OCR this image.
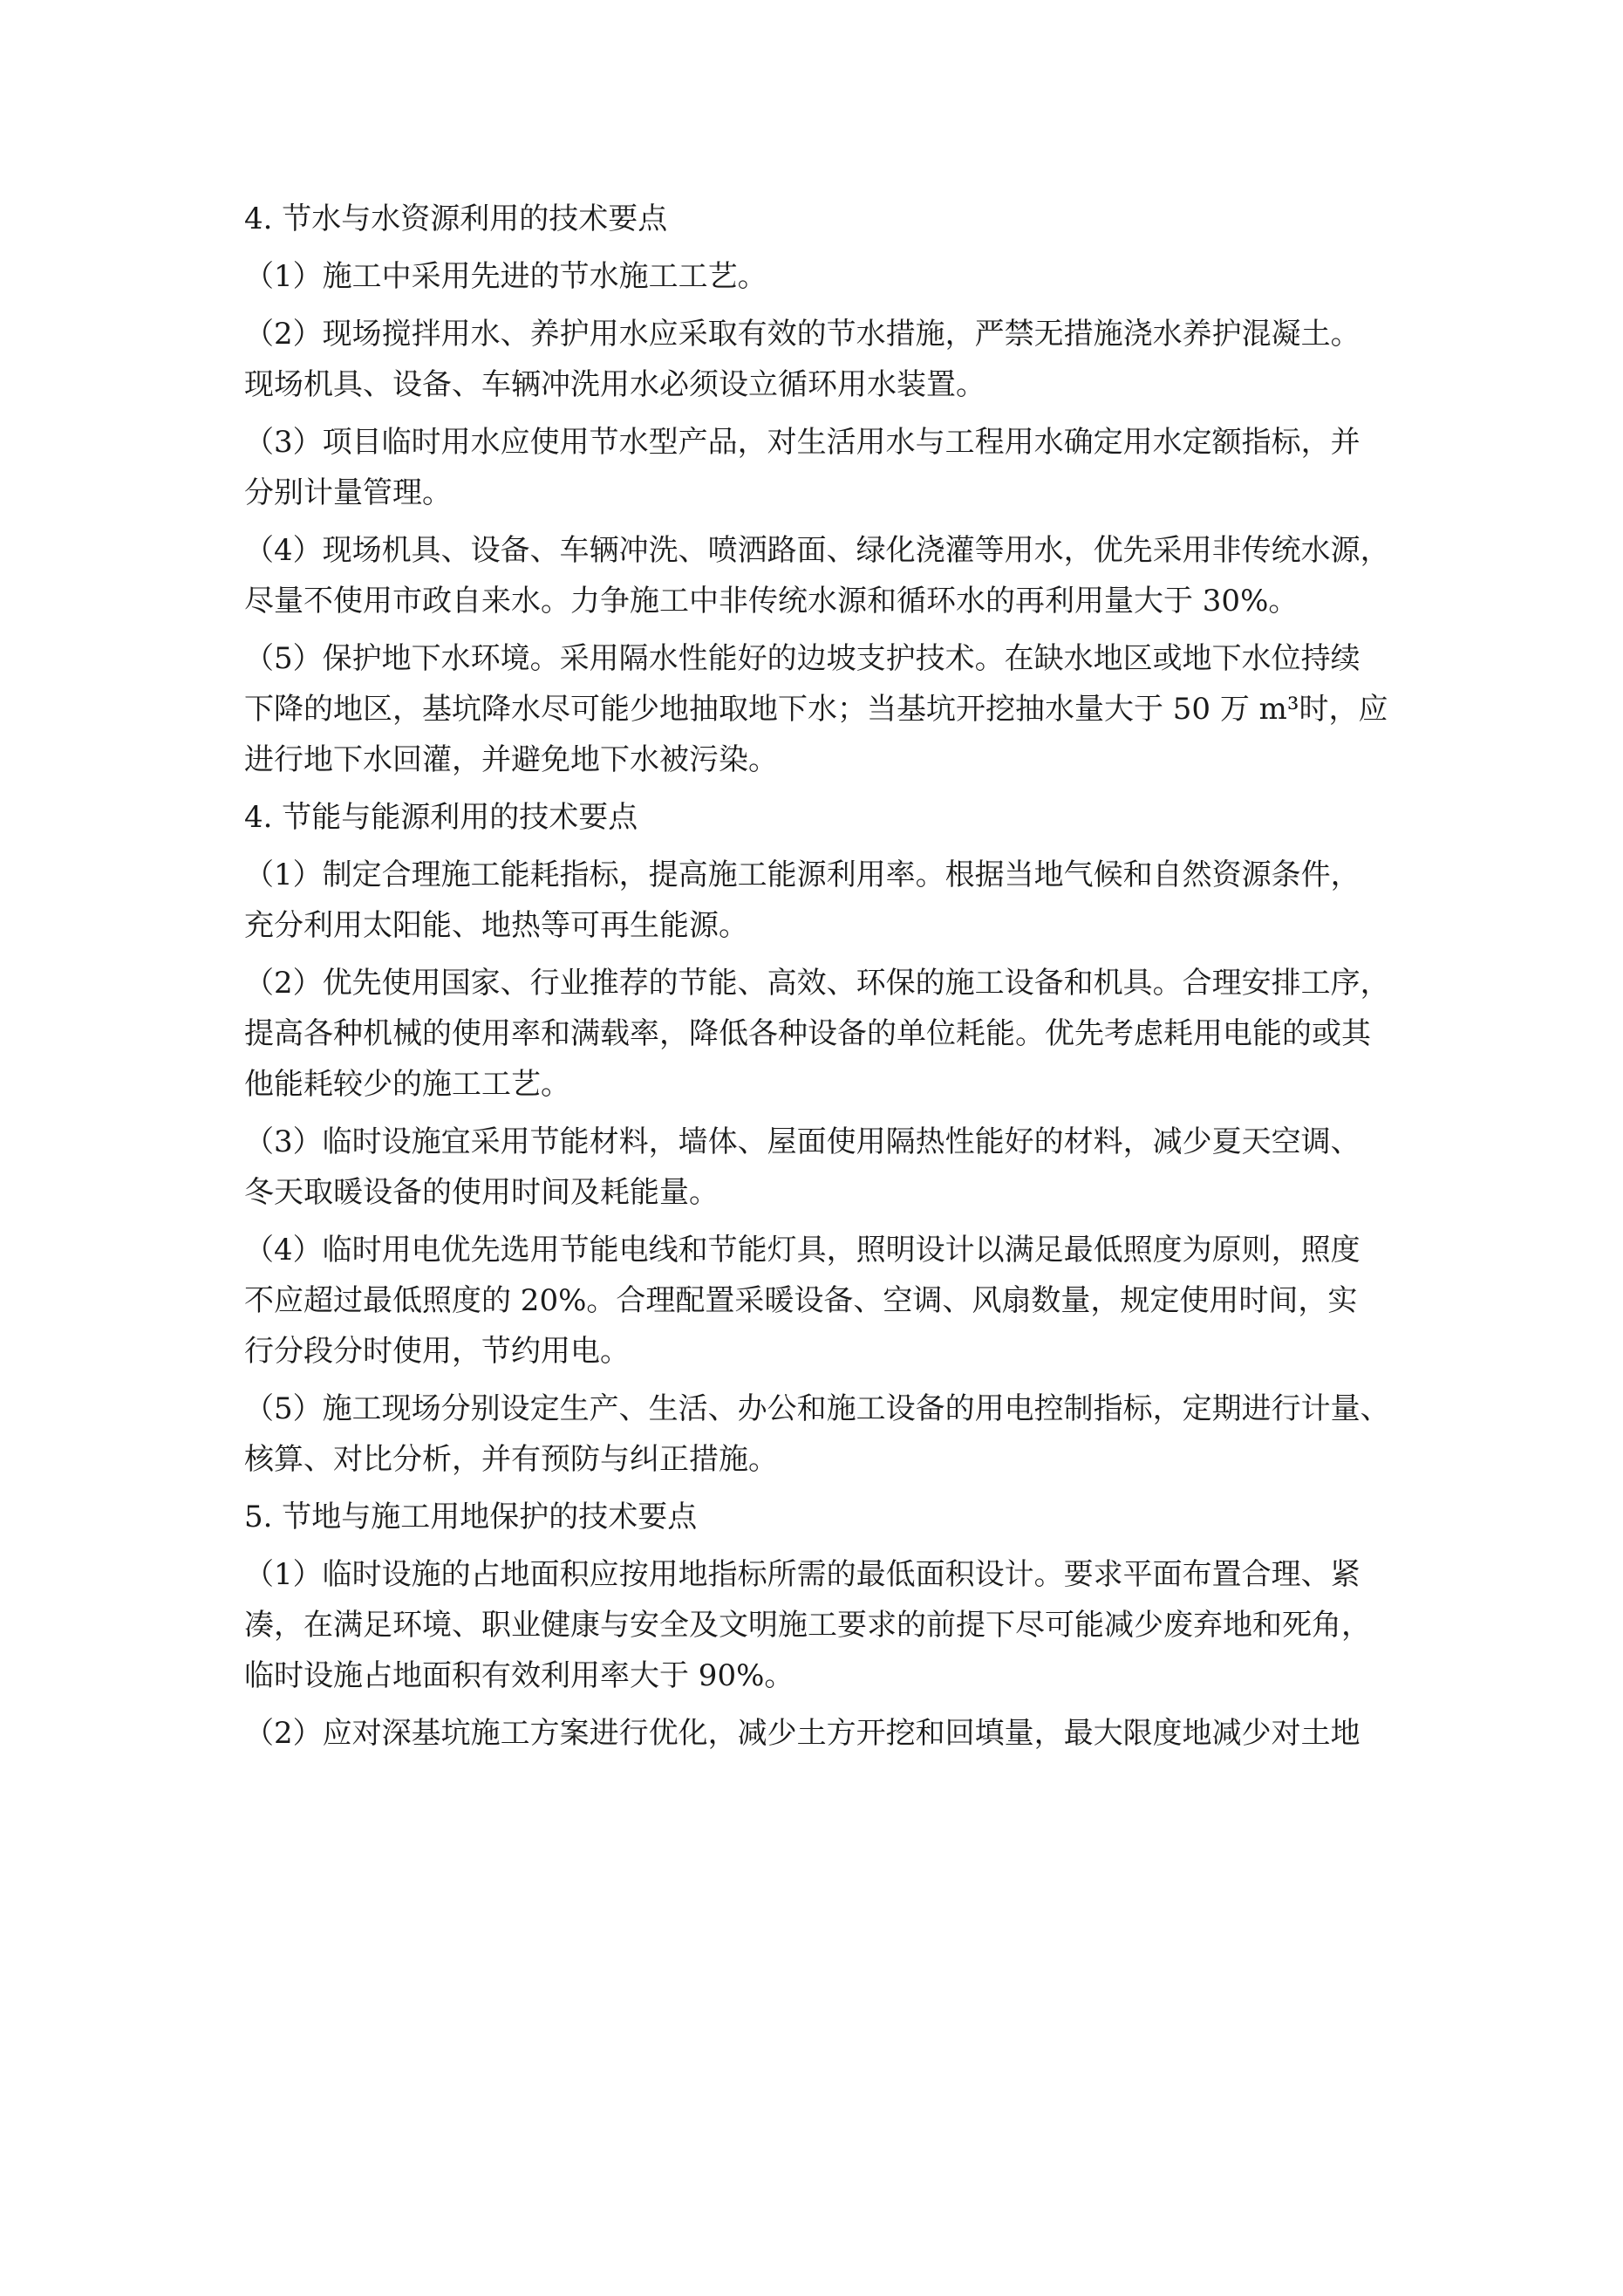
4. 节水与水资源利用的技术要点
（1）施工中采用先进的节水施工工艺。
（2）现场搅拌用水、养护用水应采取有效的节水措施，严禁无措施浇水养护混凝土。
现场机具、设备、车辆冲洗用水必须设立循环用水装置。
（3）项目临时用水应使用节水型产品，对生活用水与工程用水确定用水定额指标，并
分别计量管理。
（4）现场机具、设备、车辆冲洗、喷洒路面、绿化浇灌等用水，优先采用非传统水源，
尽量不使用市政自来水。力争施工中非传统水源和循环水的再利用量大于 30%。
（5）保护地下水环境。采用隔水性能好的边坡支护技术。在缺水地区或地下水位持续
下降的地区，基坑降水尽可能少地抽取地下水；当基坑开挖抽水量大于 50 万 m³时，应
进行地下水回灌，并避免地下水被污染。
4. 节能与能源利用的技术要点
（1）制定合理施工能耗指标，提高施工能源利用率。根据当地气候和自然资源条件，
充分利用太阳能、地热等可再生能源。
（2）优先使用国家、行业推荐的节能、高效、环保的施工设备和机具。合理安排工序，
提高各种机械的使用率和满载率，降低各种设备的单位耗能。优先考虑耗用电能的或其
他能耗较少的施工工艺。
（3）临时设施宜采用节能材料，墙体、屋面使用隔热性能好的材料，减少夏天空调、
冬天取暖设备的使用时间及耗能量。
（4）临时用电优先选用节能电线和节能灯具，照明设计以满足最低照度为原则，照度
不应超过最低照度的 20%。合理配置采暖设备、空调、风扇数量，规定使用时间，实
行分段分时使用，节约用电。
（5）施工现场分别设定生产、生活、办公和施工设备的用电控制指标，定期进行计量、
核算、对比分析，并有预防与纠正措施。
5. 节地与施工用地保护的技术要点
（1）临时设施的占地面积应按用地指标所需的最低面积设计。要求平面布置合理、紧
凑，在满足环境、职业健康与安全及文明施工要求的前提下尽可能减少废弃地和死角，
临时设施占地面积有效利用率大于 90%。
（2）应对深基坑施工方案进行优化，减少土方开挖和回填量，最大限度地减少对土地
